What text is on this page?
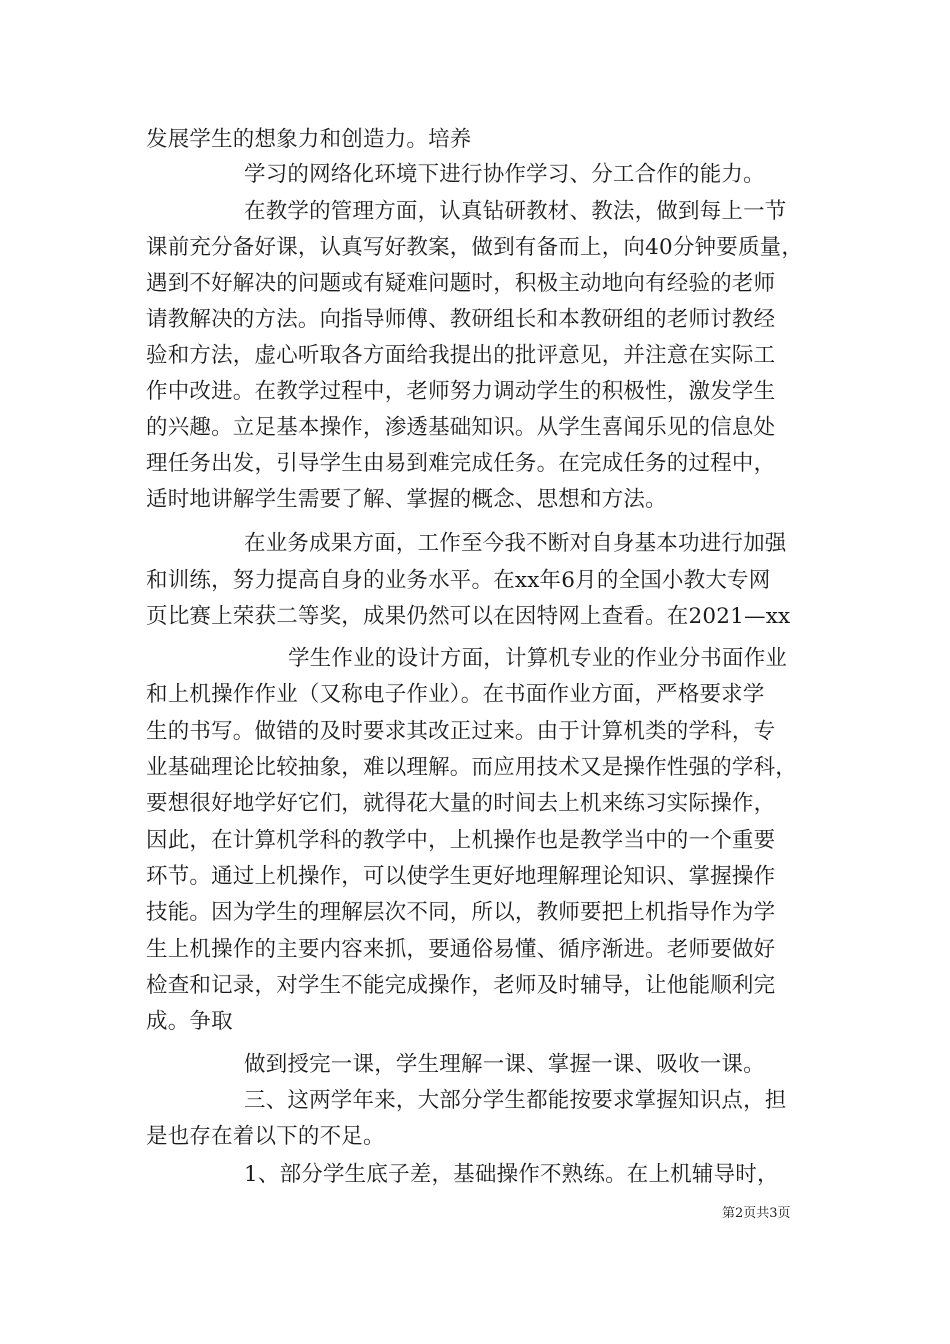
发展学生的想象力和创造力。培养
学习的网络化环境下进行协作学习、分工合作的能力。
在教学的管理方面，认真钻研教材、教法，做到每上一节
课前充分备好课，认真写好教案，做到有备而上，向40分钟要质量，
遇到不好解决的问题或有疑难问题时，积极主动地向有经验的老师
请教解决的方法。向指导师傅、教研组长和本教研组的老师讨教经
验和方法，虚心听取各方面给我提出的批评意见，并注意在实际工
作中改进。在教学过程中，老师努力调动学生的积极性，激发学生
的兴趣。立足基本操作，渗透基础知识。从学生喜闻乐见的信息处
理任务出发，引导学生由易到难完成任务。在完成任务的过程中，
适时地讲解学生需要了解、掌握的概念、思想和方法。
在业务成果方面，工作至今我不断对自身基本功进行加强
和训练，努力提高自身的业务水平。在xx年6月的全国小教大专网
页比赛上荣获二等奖，成果仍然可以在因特网上查看。在2021—xx
学生作业的设计方面，计算机专业的作业分书面作业
和上机操作作业（又称电子作业）。在书面作业方面，严格要求学
生的书写。做错的及时要求其改正过来。由于计算机类的学科，专
业基础理论比较抽象，难以理解。而应用技术又是操作性强的学科，
要想很好地学好它们，就得花大量的时间去上机来练习实际操作，
因此，在计算机学科的教学中，上机操作也是教学当中的一个重要
环节。通过上机操作，可以使学生更好地理解理论知识、掌握操作
技能。因为学生的理解层次不同，所以，教师要把上机指导作为学
生上机操作的主要内容来抓，要通俗易懂、循序渐进。老师要做好
检查和记录，对学生不能完成操作，老师及时辅导，让他能顺利完
成。争取
做到授完一课，学生理解一课、掌握一课、吸收一课。
三、这两学年来，大部分学生都能按要求掌握知识点，担
是也存在着以下的不足。
1、部分学生底子差，基础操作不熟练。在上机辅导时，
第2页共3页
